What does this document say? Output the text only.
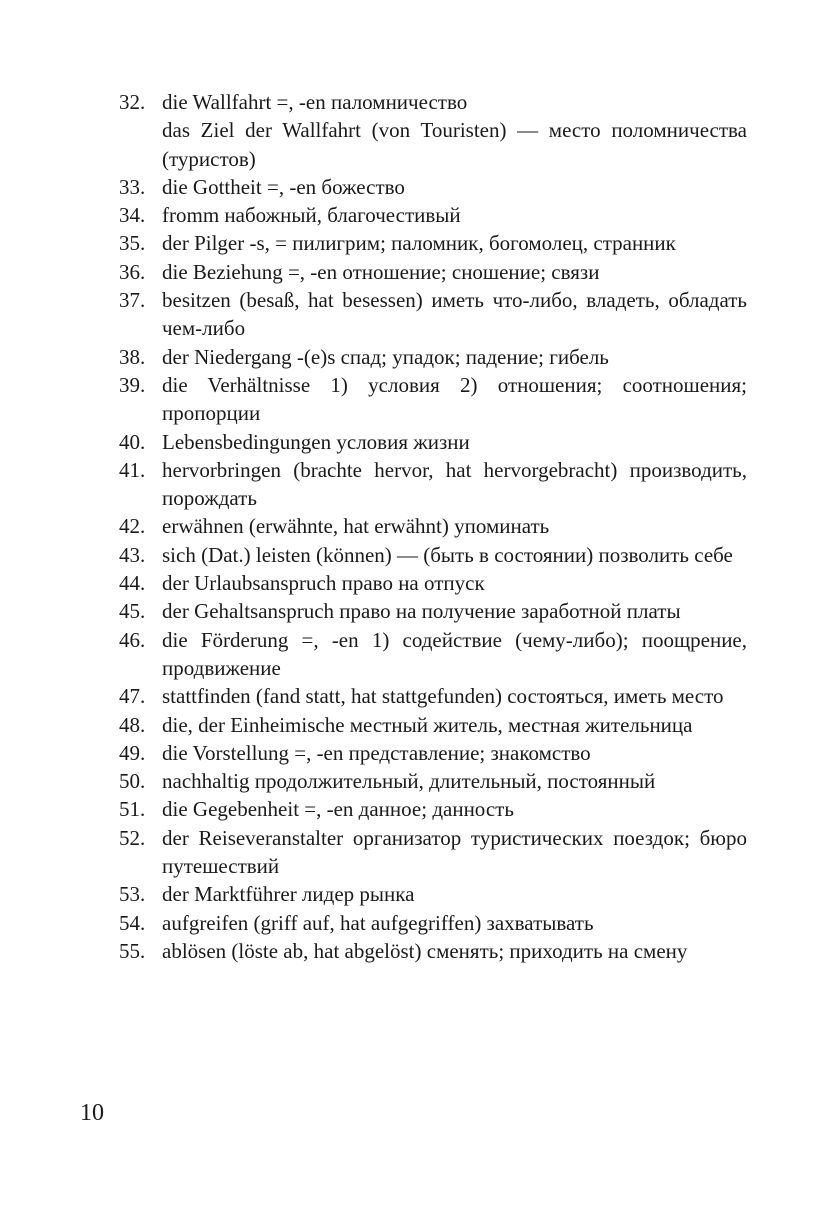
32. die Wallfahrt =, -en паломничество
das Ziel der Wallfahrt (von Touristen) — место поломничества (туристов)
33. die Gottheit =, -en божество
34. fromm набожный, благочестивый
35. der Pilger -s, = пилигрим; паломник, богомолец, странник
36. die Beziehung =, -en отношение; сношение; связи
37. besitzen (besaß, hat besessen) иметь что-либо, владеть, обладать чем-либо
38. der Niedergang -(e)s спад; упадок; падение; гибель
39. die Verhältnisse 1) условия 2) отношения; соотношения; пропорции
40. Lebensbedingungen условия жизни
41. hervorbringen (brachte hervor, hat hervorgebracht) производить, порождать
42. erwähnen (erwähnte, hat erwähnt) упоминать
43. sich (Dat.) leisten (können) — (быть в состоянии) позволить себе
44. der Urlaubsanspruch право на отпуск
45. der Gehaltsanspruch право на получение заработной платы
46. die Förderung =, -en 1) содействие (чему-либо); поощрение, продвижение
47. stattfinden (fand statt, hat stattgefunden) состояться, иметь место
48. die, der Einheimische местный житель, местная жительница
49. die Vorstellung =, -en представление; знакомство
50. nachhaltig продолжительный, длительный, постоянный
51. die Gegebenheit =, -en данное; данность
52. der Reiseveranstalter организатор туристических поездок; бюро путешествий
53. der Marktführer лидер рынка
54. aufgreifen (griff auf, hat aufgegriffen) захватывать
55. ablösen (löste ab, hat abgelöst) сменять; приходить на смену
10
